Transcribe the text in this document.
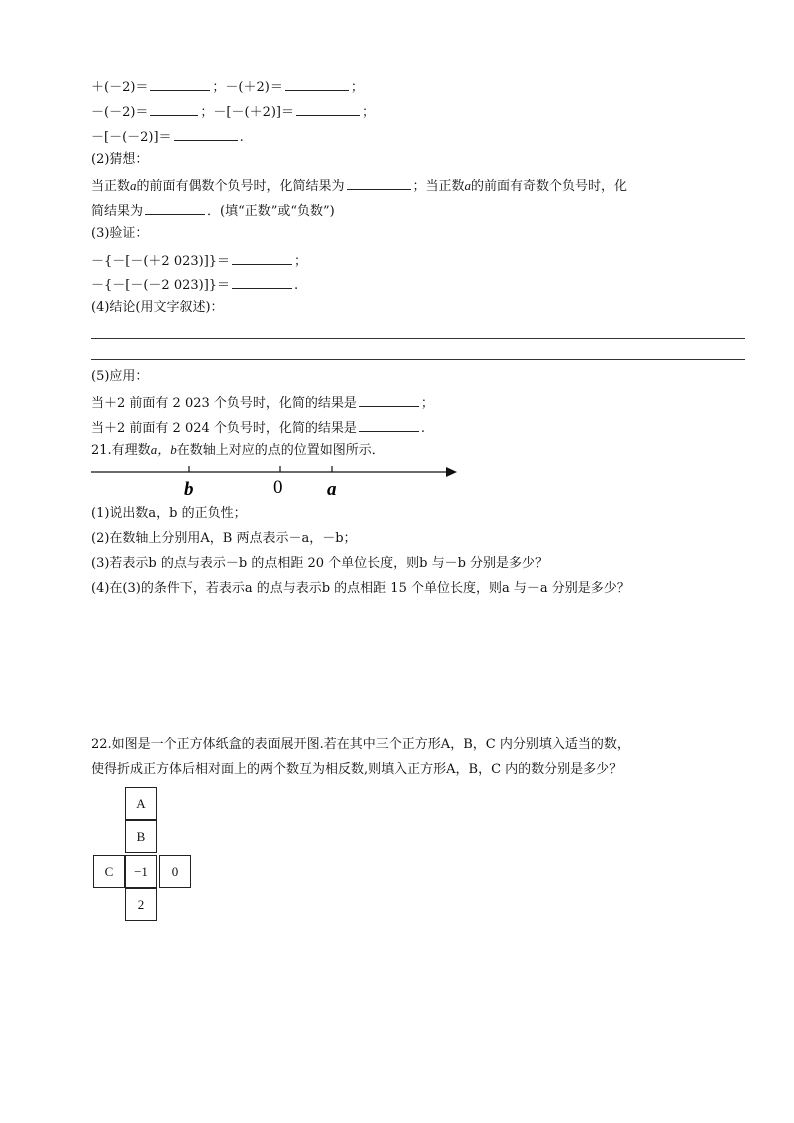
＋(－2)＝	；－(＋2)＝	；
－(－2)＝	；－[－(＋2)]＝	；
－[－(－2)]＝	.
(2)猜想：
当正数a的前面有偶数个负号时，化简结果为	；当正数a的前面有奇数个负号时，化
简结果为	．(填“正数”或“负数”)
(3)验证：
－{－[－(＋2 023)]}＝	；
－{－[－(－2 023)]}＝	.
(4)结论(用文字叙述)：
(5)应用：
当＋2 前面有 2 023 个负号时，化简的结果是	；
当＋2 前面有 2 024 个负号时，化简的结果是	.
21.有理数a，b在数轴上对应的点的位置如图所示．
b	0 a
(1)说出数a，b 的正负性；
(2)在数轴上分别用A，B 两点表示－a，－b；
(3)若表示b 的点与表示－b 的点相距 20 个单位长度，则b 与－b 分别是多少？
(4)在(3)的条件下，若表示a 的点与表示b 的点相距 15 个单位长度，则a 与－a 分别是多少？
22.如图是一个正方体纸盒的表面展开图.若在其中三个正方形A，B，C 内分别填入适当的数，
使得折成正方体后相对面上的两个数互为相反数,则填入正方形A，B，C 内的数分别是多少？
A
B
C	−1	0
2
